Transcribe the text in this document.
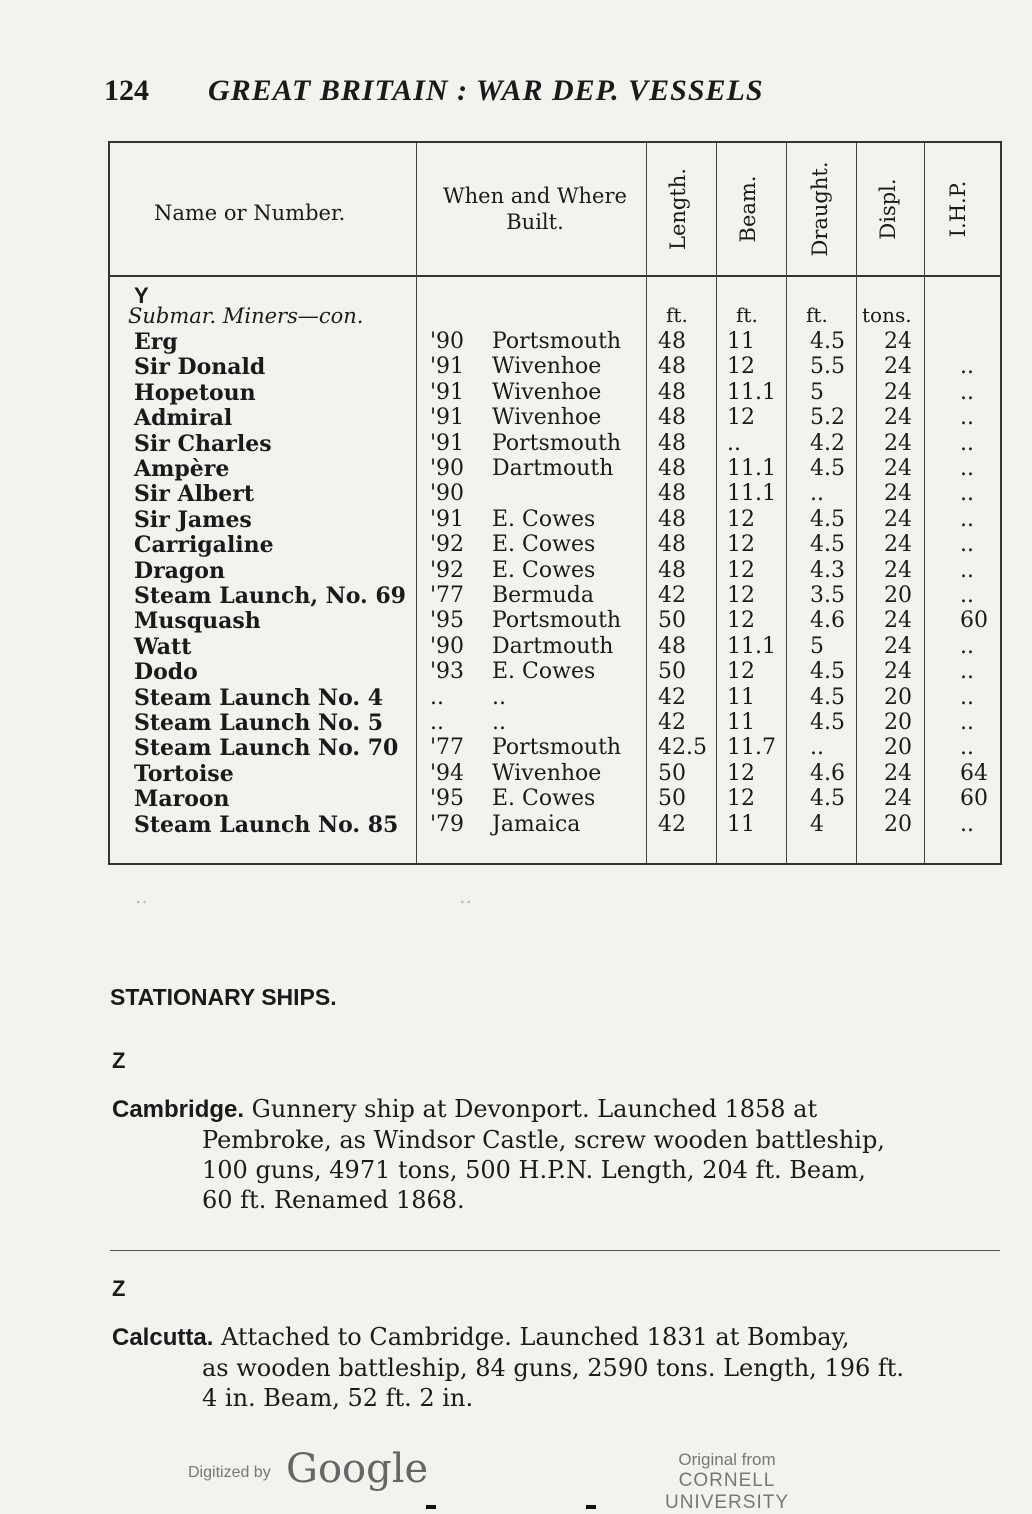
124 GREAT BRITAIN : WAR DEP. VESSELS
Name or Number.
When and Where Built.	Length. Beam. Draught. Displ. I.H.P.
Y
Submar. Miners—con.	ft. ft. ft. tons.
Erg	'90 Portsmouth 48 11	4.5 24
Sir Donald	'91 Wivenhoe	48 12	5.5 24 ..
Hopetoun	'91 Wivenhoe	48 11.1 5	24 ..
Admiral	'91 Wivenhoe	48 12	5.2 24 ..
Sir Charles	'91 Portsmouth 48 ..	4.2 24 ..
Ampère	'90 Dartmouth 48 11.1 4.5 24 ..
Sir Albert	'90	48 11.1 ..	24 ..
Sir James	'91 E. Cowes	48 12	4.5 24 ..
Carrigaline	'92 E. Cowes	48 12	4.5 24 ..
Dragon	'92 E. Cowes	48 12	4.3 24 ..
Steam Launch, No. 69 '77 Bermuda	42 12	3.5 20 ..
Musquash	'95 Portsmouth 50 12	4.6 24 60
Watt	'90 Dartmouth 48 11.1 5	24 ..
Dodo	'93 E. Cowes	50 12	4.5 24 ..
Steam Launch No. 4 .. ..	42 11	4.5 20 ..
Steam Launch No. 5 .. ..	42 11	4.5 20 ..
Steam Launch No. 70 '77 Portsmouth 42.5 11.7 ..	20 ..
Tortoise	'94 Wivenhoe	50 12	4.6 24 64
Maroon	'95 E. Cowes	50 12	4.5 24 60
Steam Launch No. 85 '79 Jamaica	42 11	4	20 ..
..                                                 ..
STATIONARY SHIPS.
Z
Cambridge. Gunnery ship at Devonport. Launched 1858 at
Pembroke, as Windsor Castle, screw wooden battleship,
100 guns, 4971 tons, 500 H.P.N. Length, 204 ft. Beam,
60 ft. Renamed 1868.
Z
Calcutta. Attached to Cambridge. Launched 1831 at Bombay,
as wooden battleship, 84 guns, 2590 tons. Length, 196 ft.
4 in. Beam, 52 ft. 2 in.
Digitized by Google	Original from
CORNELL UNIVERSITY
